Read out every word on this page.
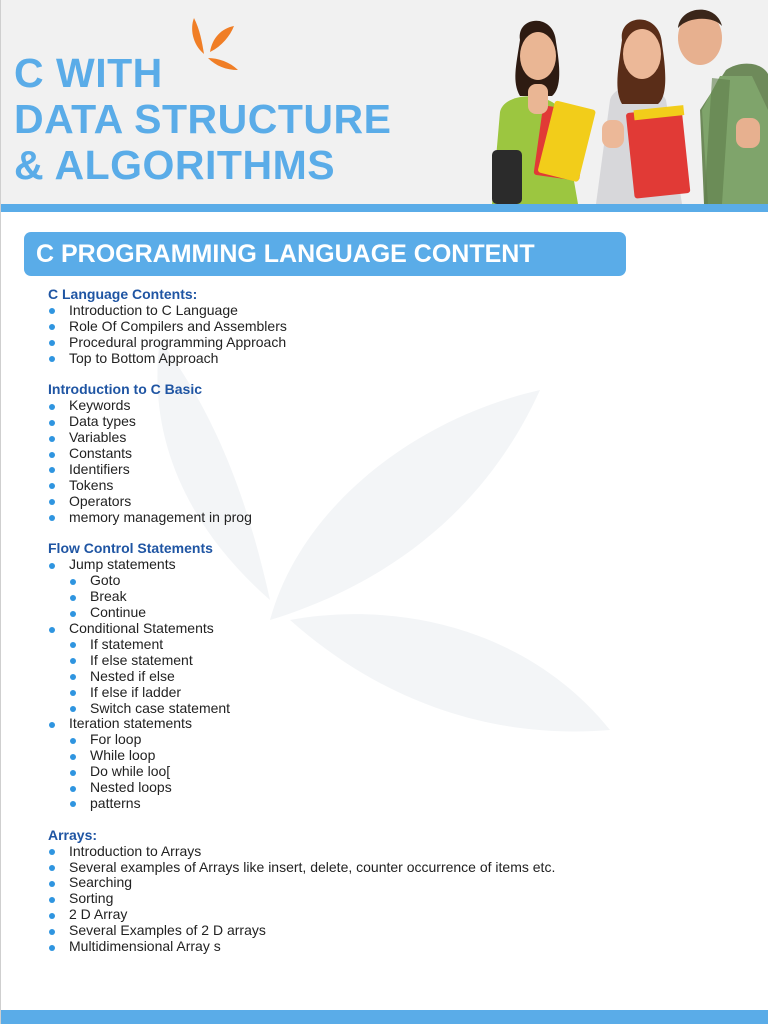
C WITH
DATA STRUCTURE
& ALGORITHMS
C PROGRAMMING LANGUAGE CONTENT
C Language Contents:
Introduction to C Language
Role Of Compilers and Assemblers
Procedural programming Approach
Top to Bottom Approach
Introduction to C Basic
Keywords
Data types
Variables
Constants
Identifiers
Tokens
Operators
memory management in prog
Flow Control Statements
Jump statements
Goto
Break
Continue
Conditional Statements
If statement
If else statement
Nested if else
If else if ladder
Switch case statement
Iteration statements
For loop
While loop
Do while loo[
Nested loops
patterns
Arrays:
Introduction to Arrays
Several examples of Arrays like insert, delete, counter occurrence of items etc.
Searching
Sorting
2 D Array
Several Examples of 2 D arrays
Multidimensional Array s
